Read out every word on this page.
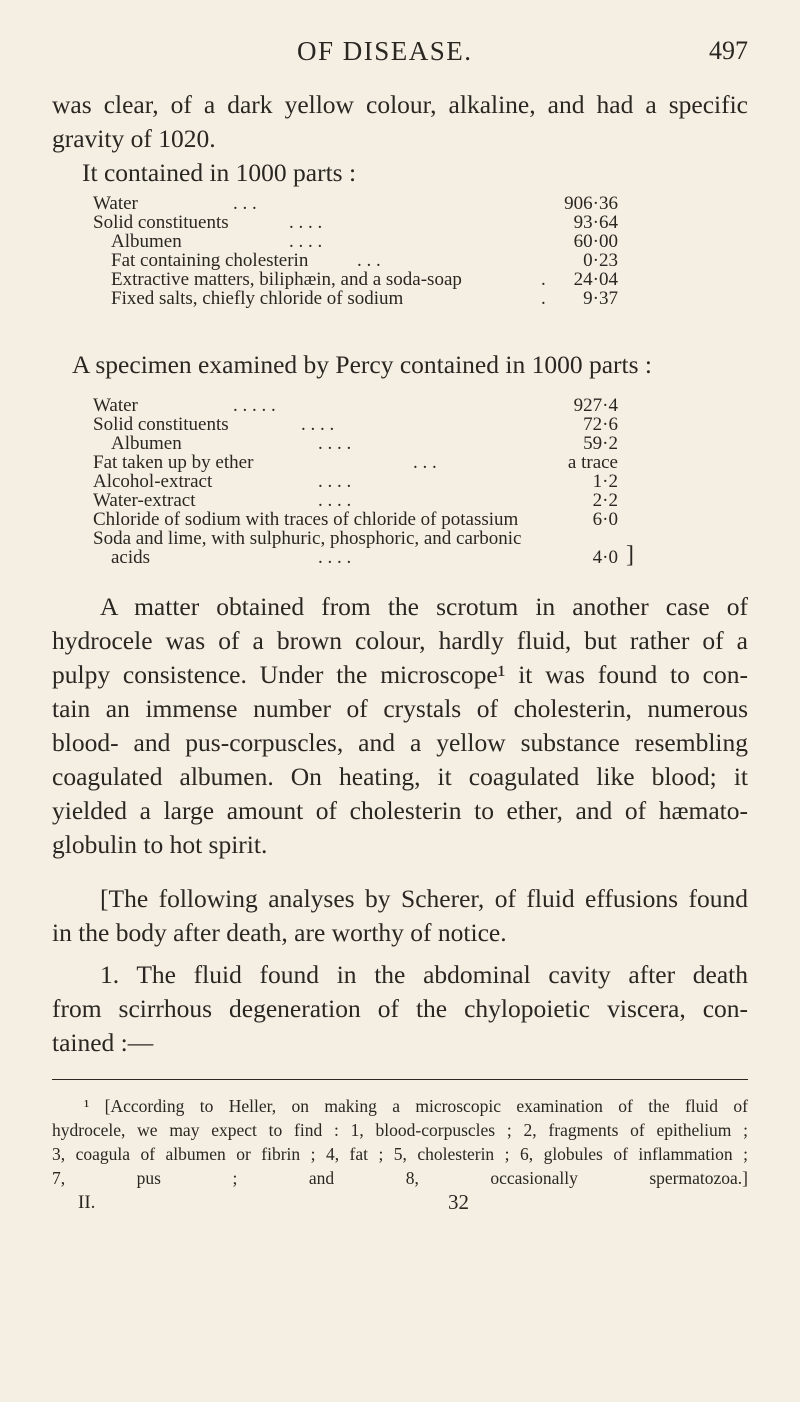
OF DISEASE.	497
was clear, of a dark yellow colour, alkaline, and had a specific
gravity of 1020.
It contained in 1000 parts :
Water	. . .	906·36
Solid constituents	. . . .	93·64
Albumen	. . . .	60·00
Fat containing cholesterin	. . .	0·23
Extractive matters, biliphæin, and a soda-soap	. 24·04
Fixed salts, chiefly chloride of sodium	. 9·37
A specimen examined by Percy contained in 1000 parts :
Water	. . . . .	927·4
Solid constituents	. . . .	72·6
Albumen	. . . .	59·2
Fat taken up by ether	. . .	a trace
Alcohol-extract	. . . .	1·2
Water-extract	. . . .	2·2
Chloride of sodium with traces of chloride of potassium	6·0
Soda and lime, with sulphuric, phosphoric, and carbonic
acids	. . . .	4·0 ]
A matter obtained from the scrotum in another case of
hydrocele was of a brown colour, hardly fluid, but rather of a
pulpy consistence. Under the microscope¹ it was found to con-
tain an immense number of crystals of cholesterin, numerous
blood- and pus-corpuscles, and a yellow substance resembling
coagulated albumen. On heating, it coagulated like blood; it
yielded a large amount of cholesterin to ether, and of hæmato-
globulin to hot spirit.
[The following analyses by Scherer, of fluid effusions found
in the body after death, are worthy of notice.
1. The fluid found in the abdominal cavity after death
from scirrhous degeneration of the chylopoietic viscera, con-
tained :—
¹ [According to Heller, on making a microscopic examination of the fluid of
hydrocele, we may expect to find : 1, blood-corpuscles ; 2, fragments of epithelium ;
3, coagula of albumen or fibrin ; 4, fat ; 5, cholesterin ; 6, globules of inflammation ;
7, pus ; and 8, occasionally spermatozoa.]
II.	32
